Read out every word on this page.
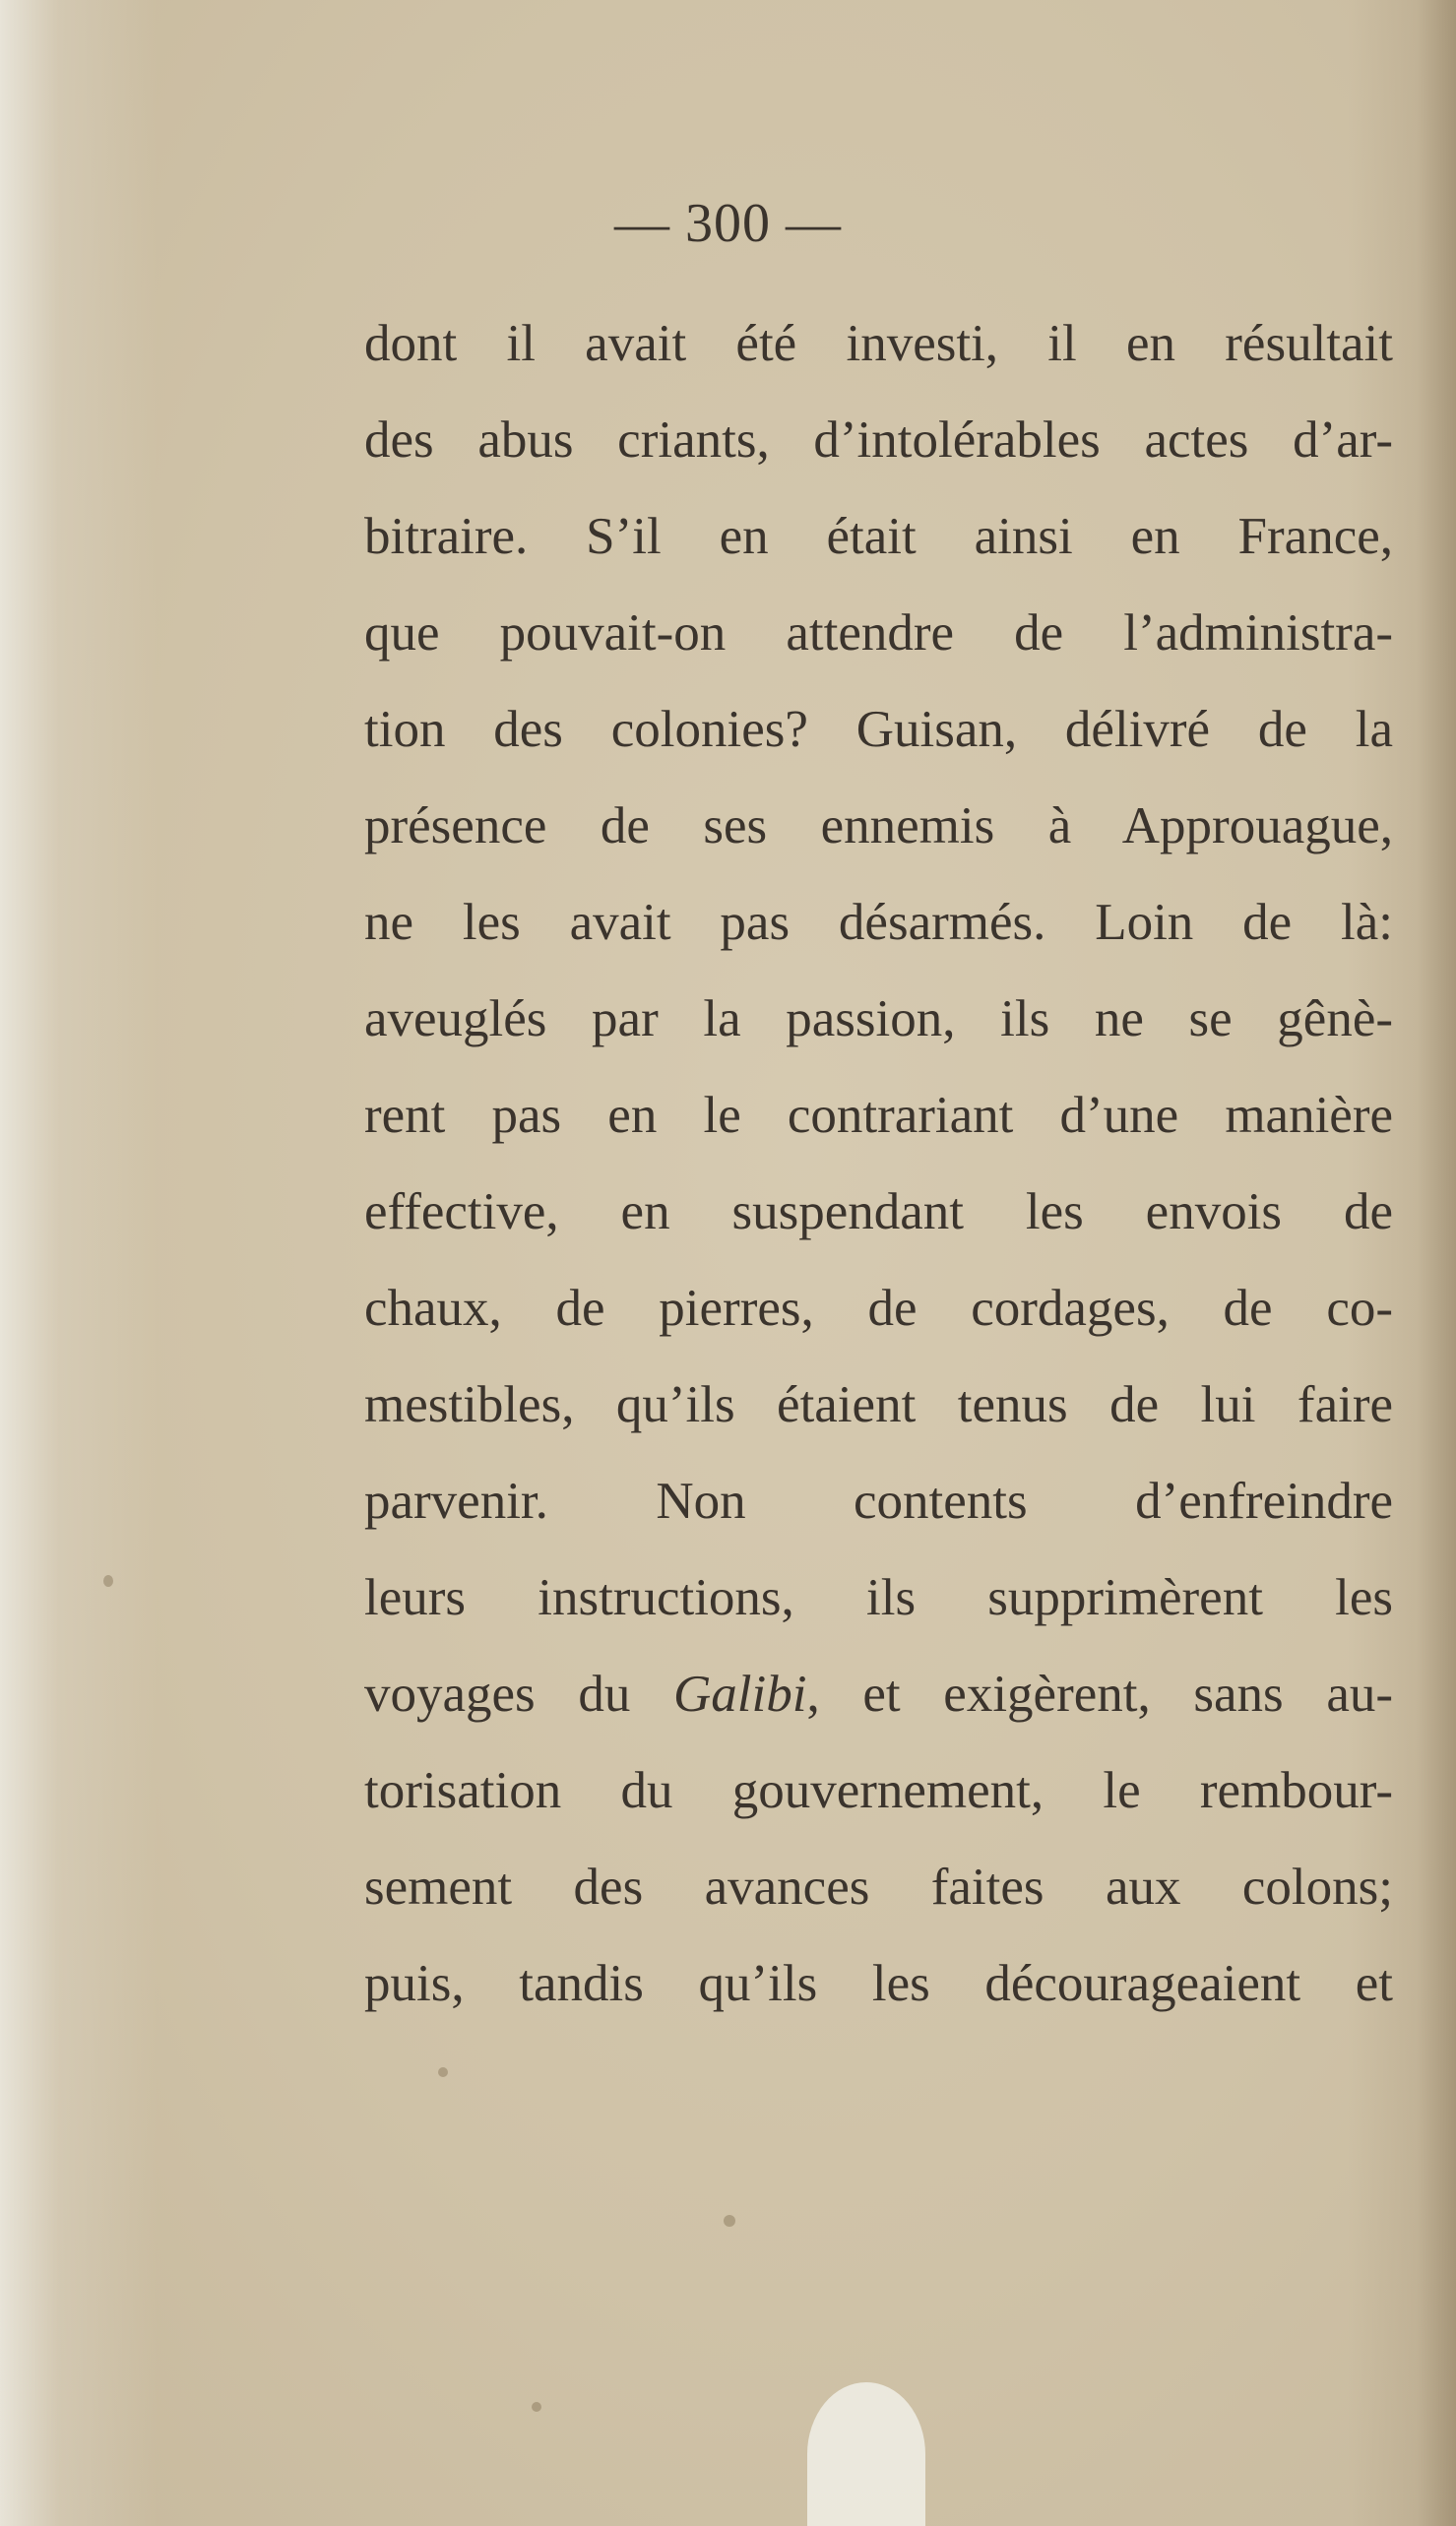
— 300 —
dont il avait été investi, il en résultait
des abus criants, d’intolérables actes d’ar-
bitraire. S’il en était ainsi en France,
que pouvait-on attendre de l’administra-
tion des colonies? Guisan, délivré de la
présence de ses ennemis à Approuague,
ne les avait pas désarmés. Loin de là:
aveuglés par la passion, ils ne se gênè-
rent pas en le contrariant d’une manière
effective, en suspendant les envois de
chaux, de pierres, de cordages, de co-
mestibles, qu’ils étaient tenus de lui faire
parvenir. Non contents d’enfreindre
leurs instructions, ils supprimèrent les
voyages du Galibi, et exigèrent, sans au-
torisation du gouvernement, le rembour-
sement des avances faites aux colons;
puis, tandis qu’ils les décourageaient et
